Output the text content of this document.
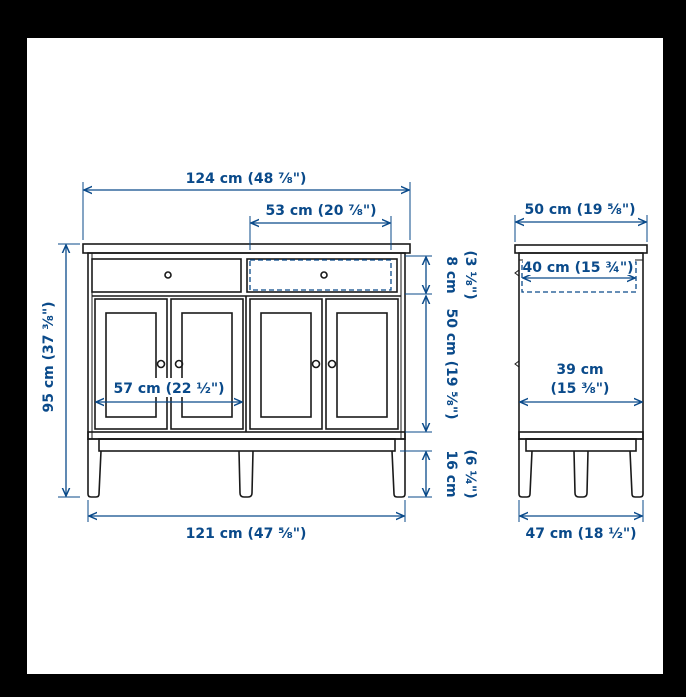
124 cm (48 ⅞")
53 cm (20 ⅞")
95 cm (37 ⅜")
8 cm (3 ⅛")
50 cm (19 ⅝")
16 cm (6 ¼")
57 cm (22 ½")
121 cm (47 ⅝")
50 cm (19 ⅝")
40 cm (15 ¾")
39 cm
(15 ⅜")
47 cm (18 ½")
